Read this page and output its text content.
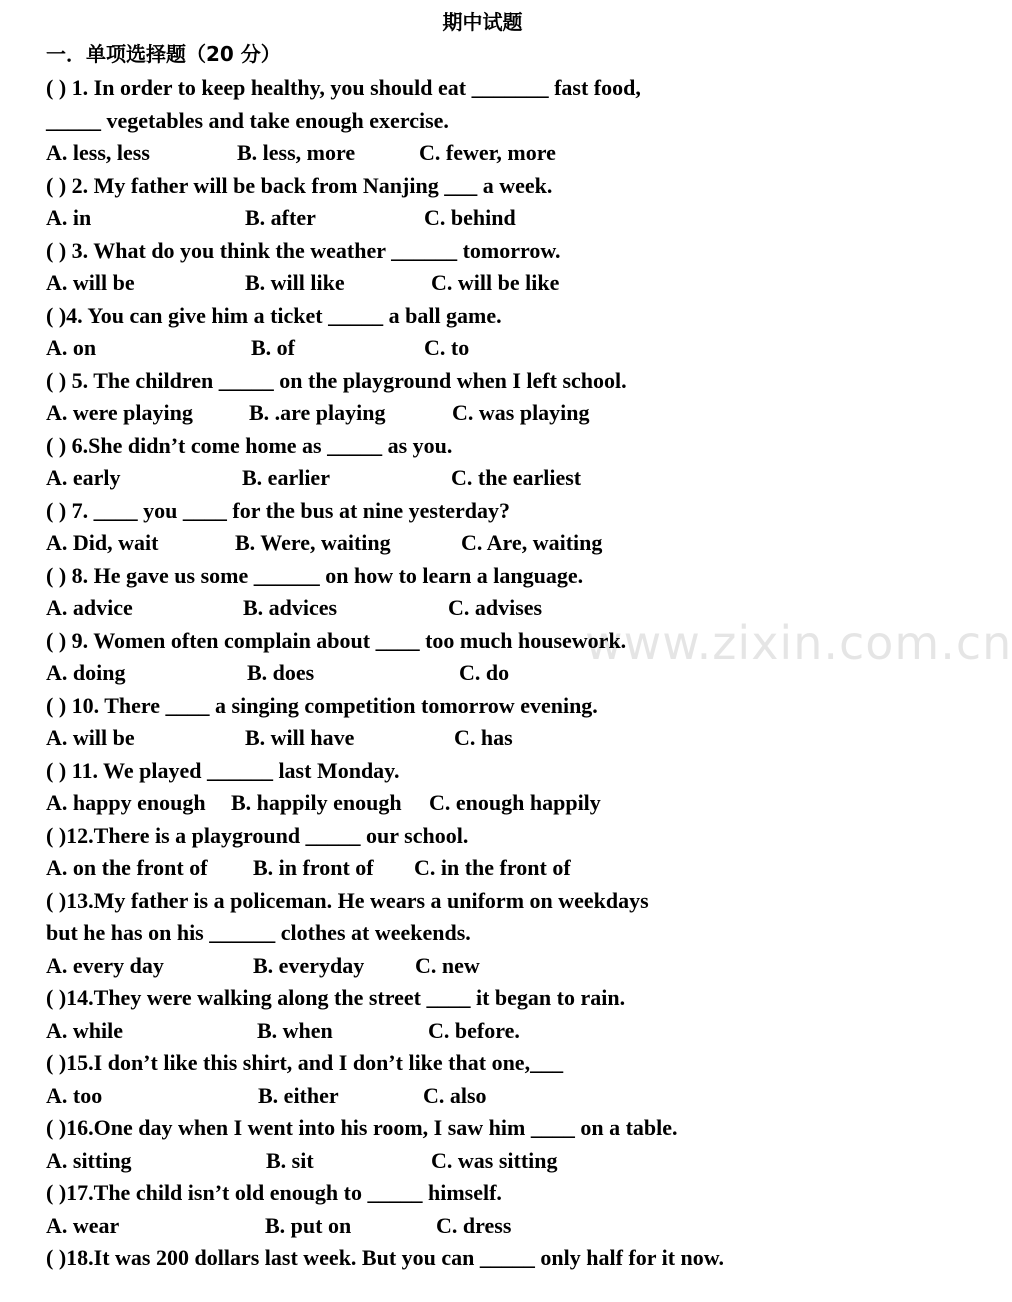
期中试题
一．单项选择题（20 分）
( ) 1. In order to keep healthy, you should eat _______ fast food,
_____ vegetables and take enough exercise.
A. less, less	B. less, more	C. fewer, more
( ) 2. My father will be back from Nanjing ___ a week.
A. in	B. after	C. behind
( ) 3. What do you think the weather ______ tomorrow.
A. will be	B. will like	C. will be like
( )4. You can give him a ticket _____ a ball game.
A. on	B. of	C. to
( ) 5. The children _____ on the playground when I left school.
A. were playing	B. .are playing	C. was playing
( ) 6.She didn’t come home as _____ as you.
A. early	B. earlier	C. the earliest
( ) 7. ____ you ____ for the bus at nine yesterday?
A. Did, wait	B. Were, waiting	C. Are, waiting
( ) 8. He gave us some ______ on how to learn a language.
A. advice	B. advices	C. advises
( ) 9. Women often complain about ____ too much housework.
A. doing	B. does	C. do
( ) 10. There ____ a singing competition tomorrow evening.
A. will be	B. will have	C. has
( ) 11. We played ______ last Monday.
A. happy enough B. happily enough C. enough happily
( )12.There is a playground _____ our school.
A. on the front of B. in front of C. in the front of
( )13.My father is a policeman. He wears a uniform on weekdays
but he has on his ______ clothes at weekends.
A. every day	B. everyday C. new
( )14.They were walking along the street ____ it began to rain.
A. while	B. when	C. before.
( )15.I don’t like this shirt, and I don’t like that one,___
A. too	B. either	C. also
( )16.One day when I went into his room, I saw him ____ on a table.
A. sitting	B. sit	C. was sitting
( )17.The child isn’t old enough to _____ himself.
A. wear	B. put on	C. dress
( )18.It was 200 dollars last week. But you can _____ only half for it now.
www.zixin.com.cn
